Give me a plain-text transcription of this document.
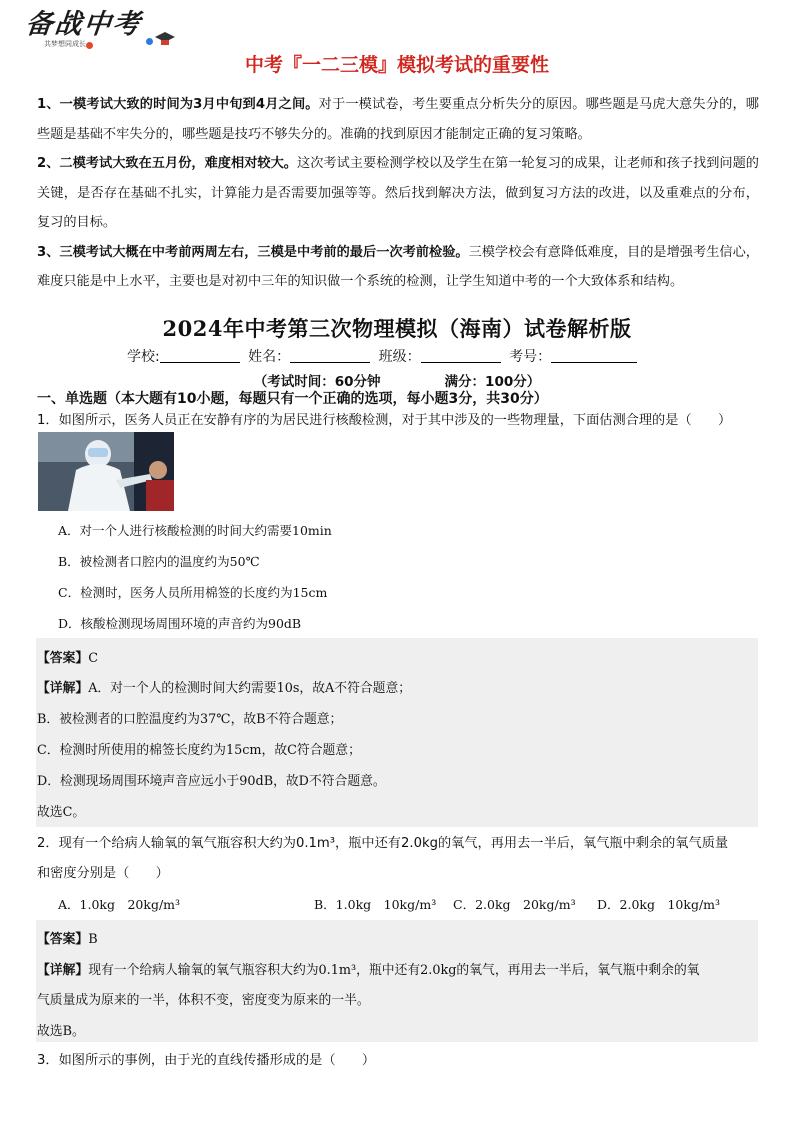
备战中考
共梦想同成长
中考『一二三模』模拟考试的重要性

1、一模考试大致的时间为3月中旬到4月之间。对于一模试卷，考生要重点分析失分的原因。哪些题是马虎大意失分的，哪些题是基础不牢失分的，哪些题是技巧不够失分的。准确的找到原因才能制定正确的复习策略。

2、二模考试大致在五月份，难度相对较大。这次考试主要检测学校以及学生在第一轮复习的成果，让老师和孩子找到问题的关键，是否存在基础不扎实，计算能力是否需要加强等等。然后找到解决方法，做到复习方法的改进，以及重难点的分布，复习的目标。

3、三模考试大概在中考前两周左右，三模是中考前的最后一次考前检验。三模学校会有意降低难度，目的是增强考生信心，难度只能是中上水平，主要也是对初中三年的知识做一个系统的检测，让学生知道中考的一个大致体系和结构。

2024年中考第三次物理模拟（海南）试卷解析版
学校:	姓名：	班级：	考号：
（考试时间：60分钟	满分：100分）
一、单选题（本大题有10小题，每题只有一个正确的选项，每小题3分，共30分）
1．如图所示，医务人员正在安静有序的为居民进行核酸检测，对于其中涉及的一些物理量，下面估测合理的是（　　）
A．对一个人进行核酸检测的时间大约需要10min
B．被检测者口腔内的温度约为50℃
C．检测时，医务人员所用棉签的长度约为15cm
D．核酸检测现场周围环境的声音约为90dB
【答案】C
【详解】A．对一个人的检测时间大约需要10s，故A不符合题意；
B．被检测者的口腔温度约为37℃，故B不符合题意；
C．检测时所使用的棉签长度约为15cm，故C符合题意；
D．检测现场周围环境声音应远小于90dB，故D不符合题意。
故选C。
2．现有一个给病人输氧的氧气瓶容积大约为0.1m³，瓶中还有2.0kg的氧气，再用去一半后，氧气瓶中剩余的氧气质量
和密度分别是（　　）
A．1.0kg　20kg/m³	B．1.0kg　10kg/m³ C．2.0kg　20kg/m³ D．2.0kg　10kg/m³
【答案】B
【详解】现有一个给病人输氧的氧气瓶容积大约为0.1m³，瓶中还有2.0kg的氧气，再用去一半后，氧气瓶中剩余的氧
气质量成为原来的一半，体积不变，密度变为原来的一半。
故选B。
3．如图所示的事例，由于光的直线传播形成的是（　　）
